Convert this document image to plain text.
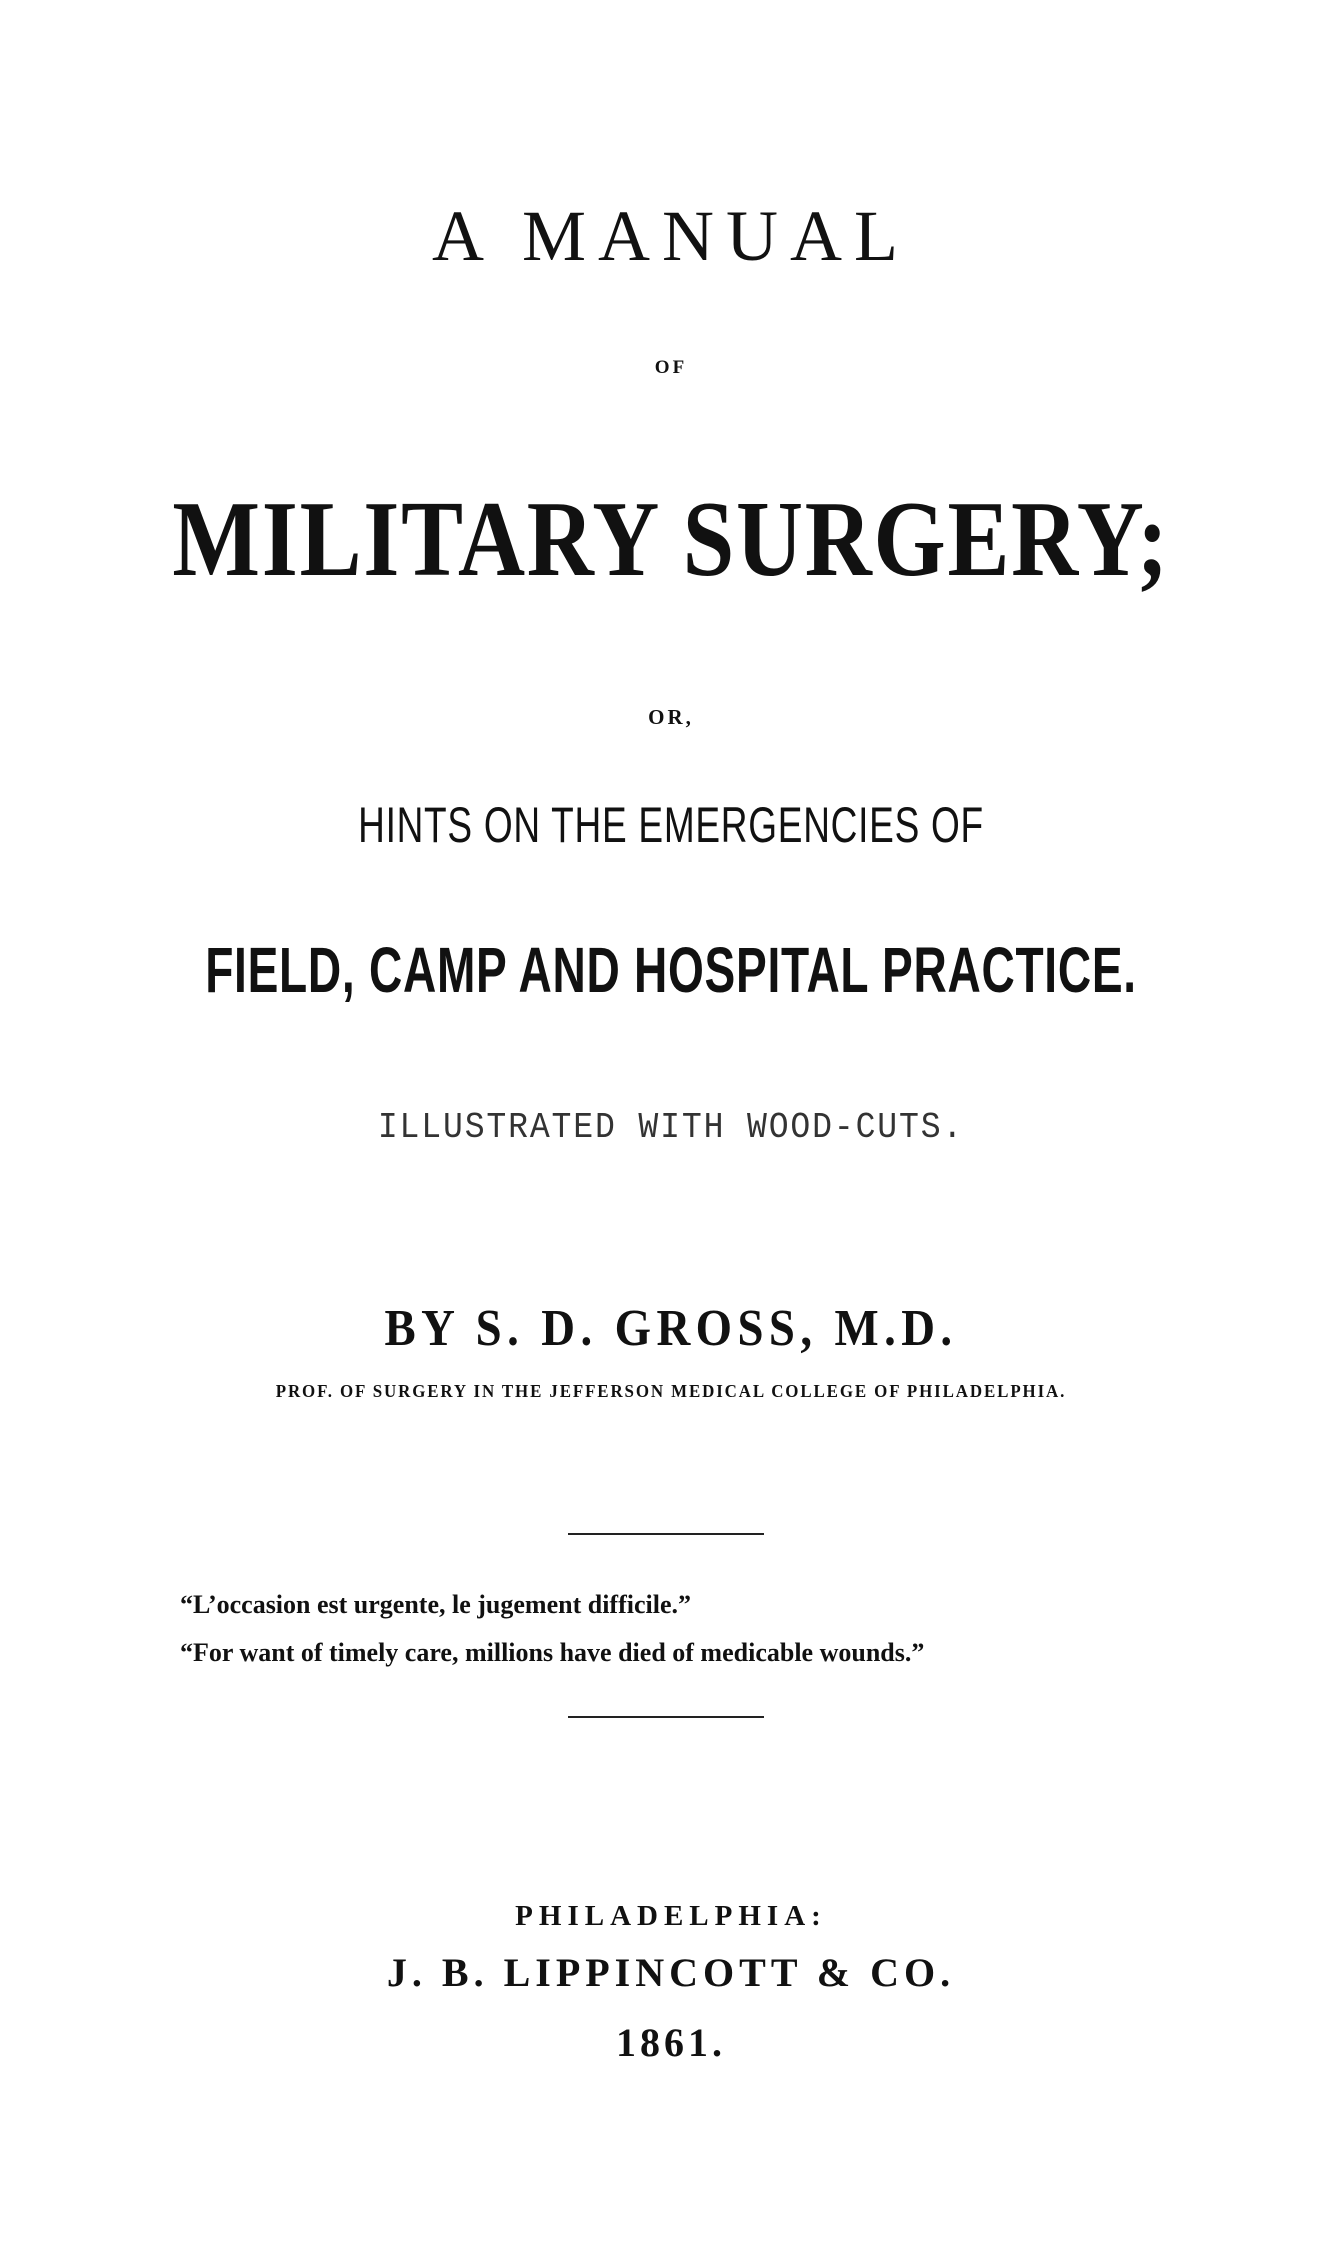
A MANUAL
OF
MILITARY SURGERY;
OR,
HINTS ON THE EMERGENCIES OF
FIELD, CAMP AND HOSPITAL PRACTICE.
ILLUSTRATED WITH WOOD-CUTS.
BY S. D. GROSS, M.D.
PROF. OF SURGERY IN THE JEFFERSON MEDICAL COLLEGE OF PHILADELPHIA.
“L’occasion est urgente, le jugement difficile.”
“For want of timely care, millions have died of medicable wounds.”
PHILADELPHIA:
J. B. LIPPINCOTT & CO.
1861.
